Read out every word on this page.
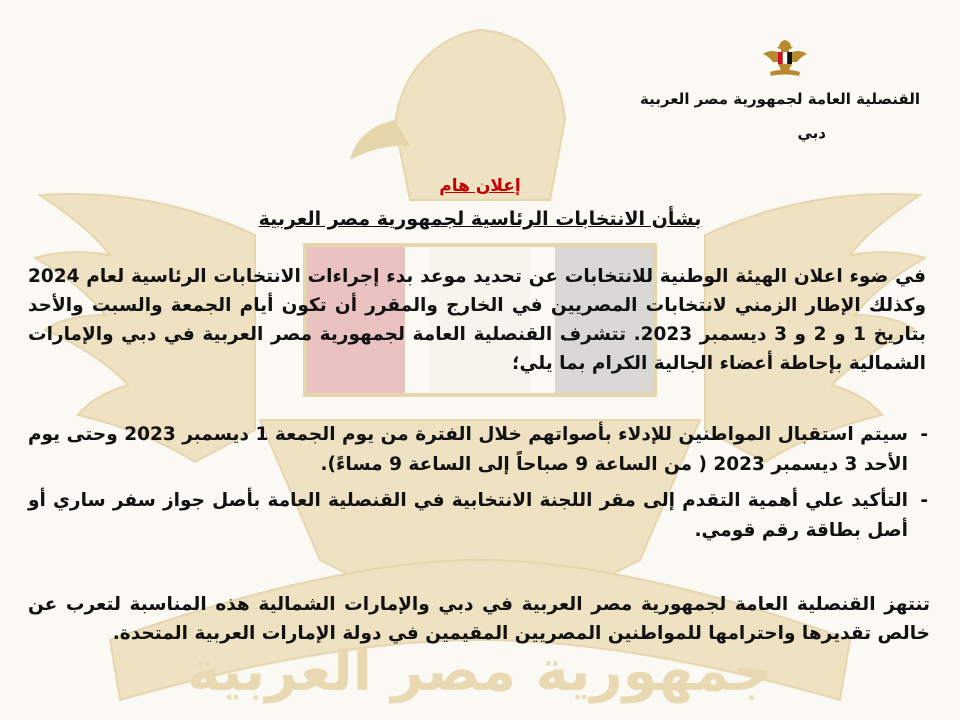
جمهورية مصر العربية
القنصلية العامة لجمهورية مصر العربية
دبي
إعلان هام
بشأن الانتخابات الرئاسية لجمهورية مصر العربية
في ضوء اعلان الهيئة الوطنية للانتخابات عن تحديد موعد بدء إجراءات الانتخابات الرئاسية لعام 2024 وكذلك الإطار الزمني لانتخابات المصريين في الخارج والمقرر أن تكون أيام الجمعة والسبت والأحد بتاريخ 1 و 2 و 3 ديسمبر 2023. تتشرف القنصلية العامة لجمهورية مصر العربية في دبي والإمارات الشمالية بإحاطة أعضاء الجالية الكرام بما يلي؛
-
سيتم استقبال المواطنين للإدلاء بأصواتهم خلال الفترة من يوم الجمعة 1 ديسمبر 2023 وحتى يوم الأحد 3 ديسمبر 2023 ( من الساعة 9 صباحاً إلى الساعة 9 مساءً).
-
التأكيد علي أهمية التقدم إلى مقر اللجنة الانتخابية في القنصلية العامة بأصل جواز سفر ساري أو أصل بطاقة رقم قومي.
تنتهز القنصلية العامة لجمهورية مصر العربية في دبي والإمارات الشمالية هذه المناسبة لتعرب عن خالص تقديرها واحترامها للمواطنين المصريين المقيمين في دولة الإمارات العربية المتحدة.
